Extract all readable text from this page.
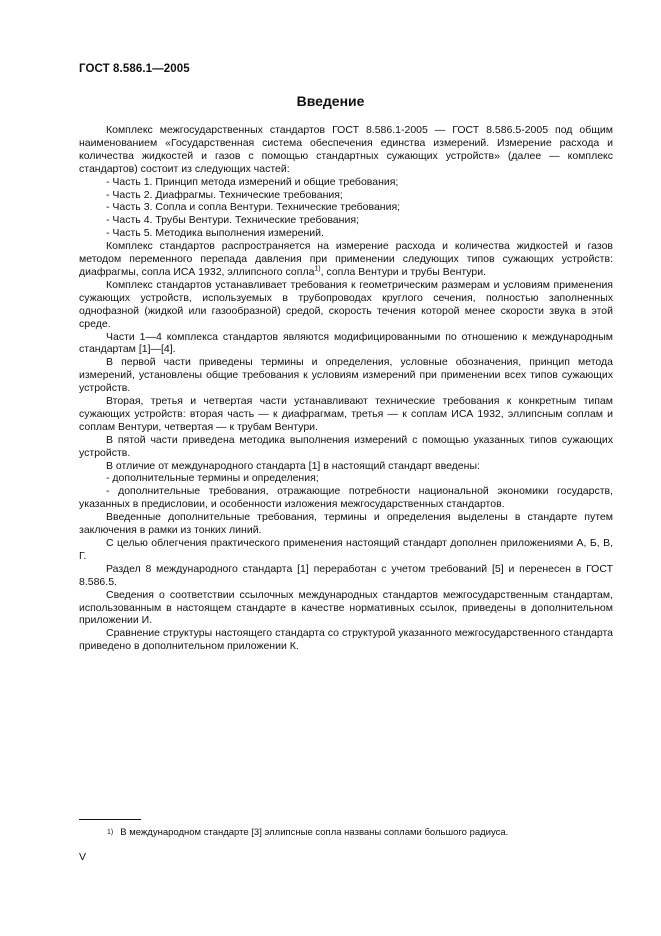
ГОСТ 8.586.1—2005
Введение

Комплекс межгосударственных стандартов ГОСТ 8.586.1-2005 — ГОСТ 8.586.5-2005 под общим наименованием «Государственная система обеспечения единства измерений. Измерение расхода и количества жидкостей и газов с помощью стандартных сужающих устройств» (далее — комплекс стандартов) состоит из следующих частей:

- Часть 1. Принцип метода измерений и общие требования;

- Часть 2. Диафрагмы. Технические требования;

- Часть 3. Сопла и сопла Вентури. Технические требования;

- Часть 4. Трубы Вентури. Технические требования;

- Часть 5. Методика выполнения измерений.

Комплекс стандартов распространяется на измерение расхода и количества жидкостей и газов методом переменного перепада давления при применении следующих типов сужающих устройств: диафрагмы, сопла ИСА 1932, эллипсного сопла$^{1)}$, сопла Вентури и трубы Вентури.

Комплекс стандартов устанавливает требования к геометрическим размерам и условиям применения сужающих устройств, используемых в трубопроводах круглого сечения, полностью заполненных однофазной (жидкой или газообразной) средой, скорость течения которой менее скорости звука в этой среде.

Части 1—4 комплекса стандартов являются модифицированными по отношению к международным стандартам [1]—[4].

В первой части приведены термины и определения, условные обозначения, принцип метода измерений, установлены общие требования к условиям измерений при применении всех типов сужающих устройств.

Вторая, третья и четвертая части устанавливают технические требования к конкретным типам сужающих устройств: вторая часть — к диафрагмам, третья — к соплам ИСА 1932, эллипсным соплам и соплам Вентури, четвертая — к трубам Вентури.

В пятой части приведена методика выполнения измерений с помощью указанных типов сужающих устройств.

В отличие от международного стандарта [1] в настоящий стандарт введены:

- дополнительные термины и определения;

- дополнительные требования, отражающие потребности национальной экономики государств, указанных в предисловии, и особенности изложения межгосударственных стандартов.

Введенные дополнительные требования, термины и определения выделены в стандарте путем заключения в рамки из тонких линий.

С целью облегчения практического применения настоящий стандарт дополнен приложениями А, Б, В, Г.

Раздел 8 международного стандарта [1] переработан с учетом требований [5] и перенесен в ГОСТ 8.586.5.

Сведения о соответствии ссылочных международных стандартов межгосударственным стандартам, использованным в настоящем стандарте в качестве нормативных ссылок, приведены в дополнительном приложении И.

Сравнение структуры настоящего стандарта со структурой указанного межгосударственного стандарта приведено в дополнительном приложении К.

$^{1)}$ В международном стандарте [3] эллипсные сопла названы соплами большого радиуса.
V
